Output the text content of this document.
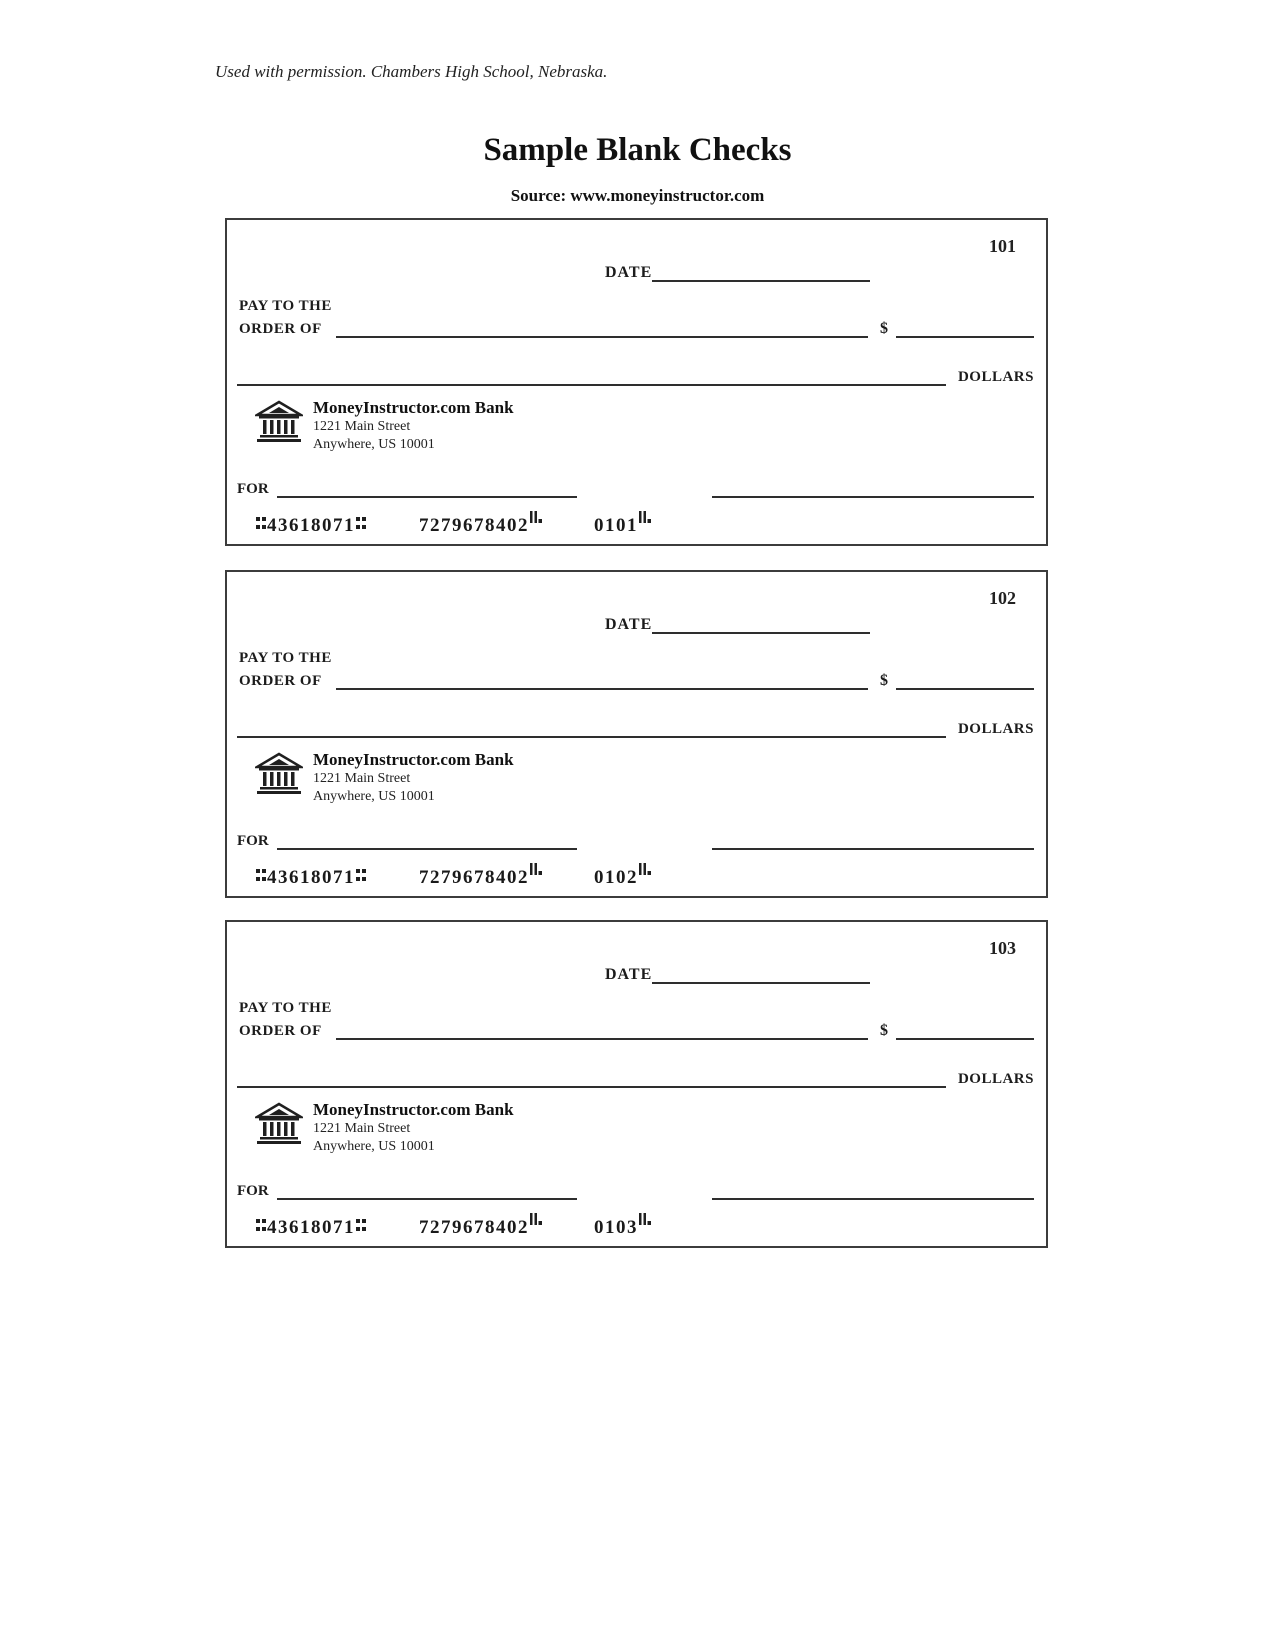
Used with permission. Chambers High School, Nebraska.
Sample Blank Checks
Source: www.moneyinstructor.com
101
DATE
PAY TO THE
ORDER OF	$
DOLLARS
MoneyInstructor.com Bank
1221 Main Street
Anywhere, US 10001
FOR
43618071	7279678402	0101
102
DATE
PAY TO THE
ORDER OF	$
DOLLARS
MoneyInstructor.com Bank
1221 Main Street
Anywhere, US 10001
FOR
43618071	7279678402	0102
103
DATE
PAY TO THE
ORDER OF	$
DOLLARS
MoneyInstructor.com Bank
1221 Main Street
Anywhere, US 10001
FOR
43618071	7279678402	0103
